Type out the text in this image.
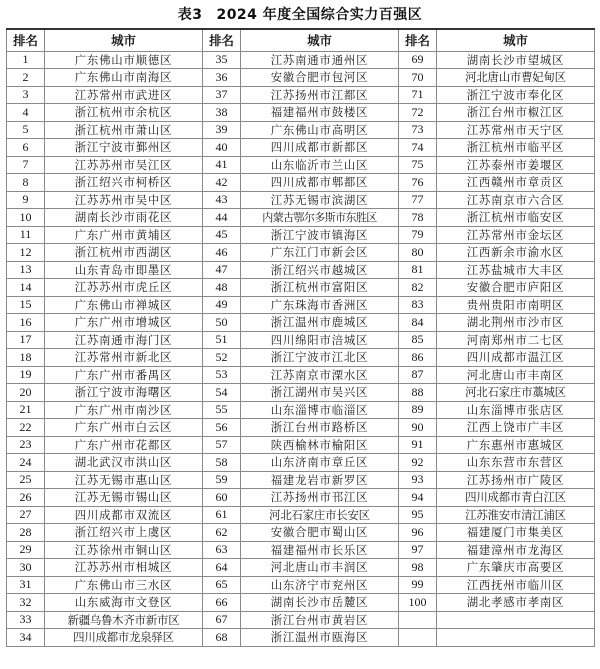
表3 2024 年度全国综合实力百强区
排名	城市	排名	城市	排名	城市
1	广东佛山市顺德区	35	江苏南通市通州区	69	湖南长沙市望城区
2	广东佛山市南海区	36	安徽合肥市包河区	70	河北唐山市曹妃甸区
3	江苏常州市武进区	37	江苏扬州市江都区	71	浙江宁波市奉化区
4	浙江杭州市余杭区	38	福建福州市鼓楼区	72	浙江台州市椒江区
5	浙江杭州市萧山区	39	广东佛山市高明区	73	江苏常州市天宁区
6	浙江宁波市鄞州区	40	四川成都市新都区	74	浙江杭州市临平区
7	江苏苏州市吴江区	41	山东临沂市兰山区	75	江苏泰州市姜堰区
8	浙江绍兴市柯桥区	42	四川成都市郫都区	76	江西赣州市章贡区
9	江苏苏州市吴中区	43	江苏无锡市滨湖区	77	江苏南京市六合区
10	湖南长沙市雨花区	44	内蒙古鄂尔多斯市东胜区	78	浙江杭州市临安区
11	广东广州市黄埔区	45	浙江宁波市镇海区	79	江苏常州市金坛区
12	浙江杭州市西湖区	46	广东江门市新会区	80	江西新余市渝水区
13	山东青岛市即墨区	47	浙江绍兴市越城区	81	江苏盐城市大丰区
14	江苏苏州市虎丘区	48	浙江杭州市富阳区	82	安徽合肥市庐阳区
15	广东佛山市禅城区	49	广东珠海市香洲区	83	贵州贵阳市南明区
16	广东广州市增城区	50	浙江温州市鹿城区	84	湖北荆州市沙市区
17	江苏南通市海门区	51	四川绵阳市涪城区	85	河南郑州市二七区
18	江苏常州市新北区	52	浙江宁波市江北区	86	四川成都市温江区
19	广东广州市番禺区	53	江苏南京市溧水区	87	河北唐山市丰南区
20	浙江宁波市海曙区	54	浙江湖州市吴兴区	88	河北石家庄市藁城区
21	广东广州市南沙区	55	山东淄博市临淄区	89	山东淄博市张店区
22	广东广州市白云区	56	浙江台州市路桥区	90	江西上饶市广丰区
23	广东广州市花都区	57	陕西榆林市榆阳区	91	广东惠州市惠城区
24	湖北武汉市洪山区	58	山东济南市章丘区	92	山东东营市东营区
25	江苏无锡市惠山区	59	福建龙岩市新罗区	93	江苏扬州市广陵区
26	江苏无锡市锡山区	60	江苏扬州市邗江区	94	四川成都市青白江区
27	四川成都市双流区	61	河北石家庄市长安区	95	江苏淮安市清江浦区
28	浙江绍兴市上虞区	62	安徽合肥市蜀山区	96	福建厦门市集美区
29	江苏徐州市铜山区	63	福建福州市长乐区	97	福建漳州市龙海区
30	江苏苏州市相城区	64	河北唐山市丰润区	98	广东肇庆市高要区
31	广东佛山市三水区	65	山东济宁市兖州区	99	江西抚州市临川区
32	山东威海市文登区	66	湖南长沙市岳麓区	100	湖北孝感市孝南区
33	新疆乌鲁木齐市新市区	67	浙江台州市黄岩区		
34	四川成都市龙泉驿区	68	浙江温州市瓯海区		
